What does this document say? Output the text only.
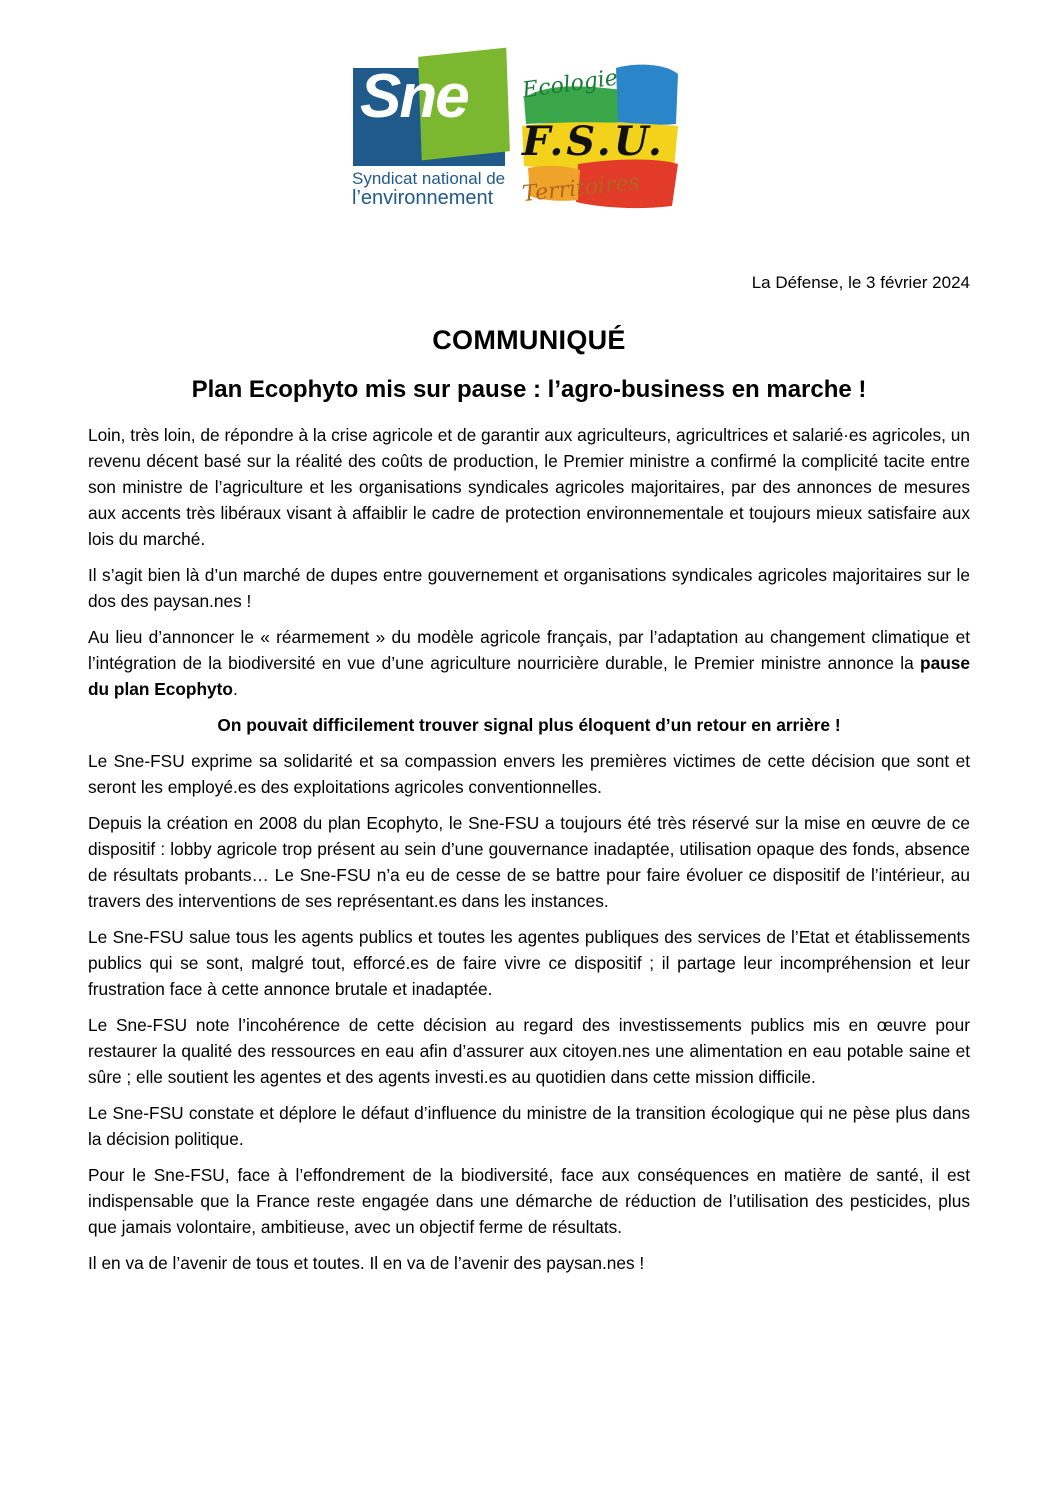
Sne
Syndicat national de
l’environnement
Ecologie Mer
F.S.U.
Territoires
La Défense, le 3 février 2024
COMMUNIQUÉ
Plan Ecophyto mis sur pause : l’agro-business en marche !

Loin, très loin, de répondre à la crise agricole et de garantir aux agriculteurs, agricultrices et salarié·es agricoles, un revenu décent basé sur la réalité des coûts de production, le Premier ministre a confirmé la complicité tacite entre son ministre de l’agriculture et les organisations syndicales agricoles majoritaires, par des annonces de mesures aux accents très libéraux visant à affaiblir le cadre de protection environnementale et toujours mieux satisfaire aux lois du marché.

Il s’agit bien là d’un marché de dupes entre gouvernement et organisations syndicales agricoles majoritaires sur le dos des paysan.nes !

Au lieu d’annoncer le « réarmement » du modèle agricole français, par l’adaptation au changement climatique et l’intégration de la biodiversité en vue d’une agriculture nourricière durable, le Premier ministre annonce la pause du plan Ecophyto.

On pouvait difficilement trouver signal plus éloquent d’un retour en arrière !

Le Sne-FSU exprime sa solidarité et sa compassion envers les premières victimes de cette décision que sont et seront les employé.es des exploitations agricoles conventionnelles.

Depuis la création en 2008 du plan Ecophyto, le Sne-FSU a toujours été très réservé sur la mise en œuvre de ce dispositif : lobby agricole trop présent au sein d’une gouvernance inadaptée, utilisation opaque des fonds, absence de résultats probants… Le Sne-FSU n’a eu de cesse de se battre pour faire évoluer ce dispositif de l’intérieur, au travers des interventions de ses représentant.es dans les instances.

Le Sne-FSU salue tous les agents publics et toutes les agentes publiques des services de l’Etat et établissements publics qui se sont, malgré tout, efforcé.es de faire vivre ce dispositif ; il partage leur incompréhension et leur frustration face à cette annonce brutale et inadaptée.

Le Sne-FSU note l’incohérence de cette décision au regard des investissements publics mis en œuvre pour restaurer la qualité des ressources en eau afin d’assurer aux citoyen.nes une alimentation en eau potable saine et sûre ; elle soutient les agentes et des agents investi.es au quotidien dans cette mission difficile.

Le Sne-FSU constate et déplore le défaut d’influence du ministre de la transition écologique qui ne pèse plus dans la décision politique.

Pour le Sne-FSU, face à l’effondrement de la biodiversité, face aux conséquences en matière de santé, il est indispensable que la France reste engagée dans une démarche de réduction de l’utilisation des pesticides, plus que jamais volontaire, ambitieuse, avec un objectif ferme de résultats.

Il en va de l’avenir de tous et toutes. Il en va de l’avenir des paysan.nes !
